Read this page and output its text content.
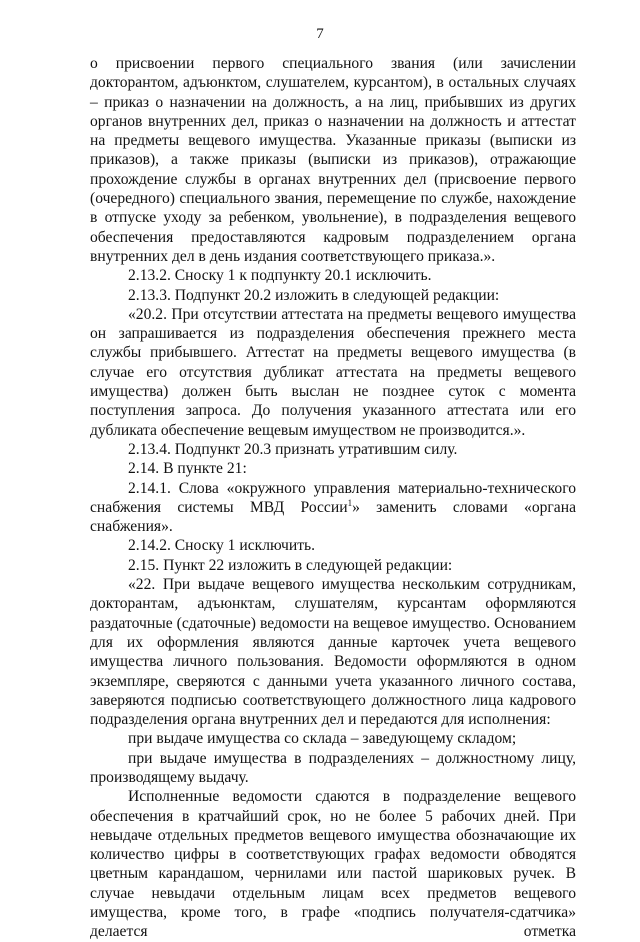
7

о присвоении первого специального звания (или зачислении докторантом, адъюнктом, слушателем, курсантом), в остальных случаях – приказ о назначении на должность, а на лиц, прибывших из других органов внутренних дел, приказ о назначении на должность и аттестат на предметы вещевого имущества. Указанные приказы (выписки из приказов), а также приказы (выписки из приказов), отражающие прохождение службы в органах внутренних дел (присвоение первого (очередного) специального звания, перемещение по службе, нахождение в отпуске уходу за ребенком, увольнение), в подразделения вещевого обеспечения предоставляются кадровым подразделением органа внутренних дел в день издания соответствующего приказа.».

2.13.2. Сноску 1 к подпункту 20.1 исключить.

2.13.3. Подпункт 20.2 изложить в следующей редакции:

«20.2. При отсутствии аттестата на предметы вещевого имущества он запрашивается из подразделения обеспечения прежнего места службы прибывшего. Аттестат на предметы вещевого имущества (в случае его отсутствия дубликат аттестата на предметы вещевого имущества) должен быть выслан не позднее суток с момента поступления запроса. До получения указанного аттестата или его дубликата обеспечение вещевым имуществом не производится.».

2.13.4. Подпункт 20.3 признать утратившим силу.

2.14. В пункте 21:

2.14.1. Слова «окружного управления материально-технического снабжения системы МВД России$^1$» заменить словами «органа снабжения».

2.14.2. Сноску 1 исключить.

2.15. Пункт 22 изложить в следующей редакции:

«22. При выдаче вещевого имущества нескольким сотрудникам, докторантам, адъюнктам, слушателям, курсантам оформляются раздаточные (сдаточные) ведомости на вещевое имущество. Основанием для их оформления являются данные карточек учета вещевого имущества личного пользования. Ведомости оформляются в одном экземпляре, сверяются с данными учета указанного личного состава, заверяются подписью соответствующего должностного лица кадрового подразделения органа внутренних дел и передаются для исполнения:

при выдаче имущества со склада – заведующему складом;

при выдаче имущества в подразделениях – должностному лицу, производящему выдачу.

Исполненные ведомости сдаются в подразделение вещевого обеспечения в кратчайший срок, но не более 5 рабочих дней. При невыдаче отдельных предметов вещевого имущества обозначающие их количество цифры в соответствующих графах ведомости обводятся цветным карандашом, чернилами или пастой шариковых ручек. В случае невыдачи отдельным лицам всех предметов вещевого имущества, кроме того, в графе «подпись получателя-сдатчика» делается отметка
